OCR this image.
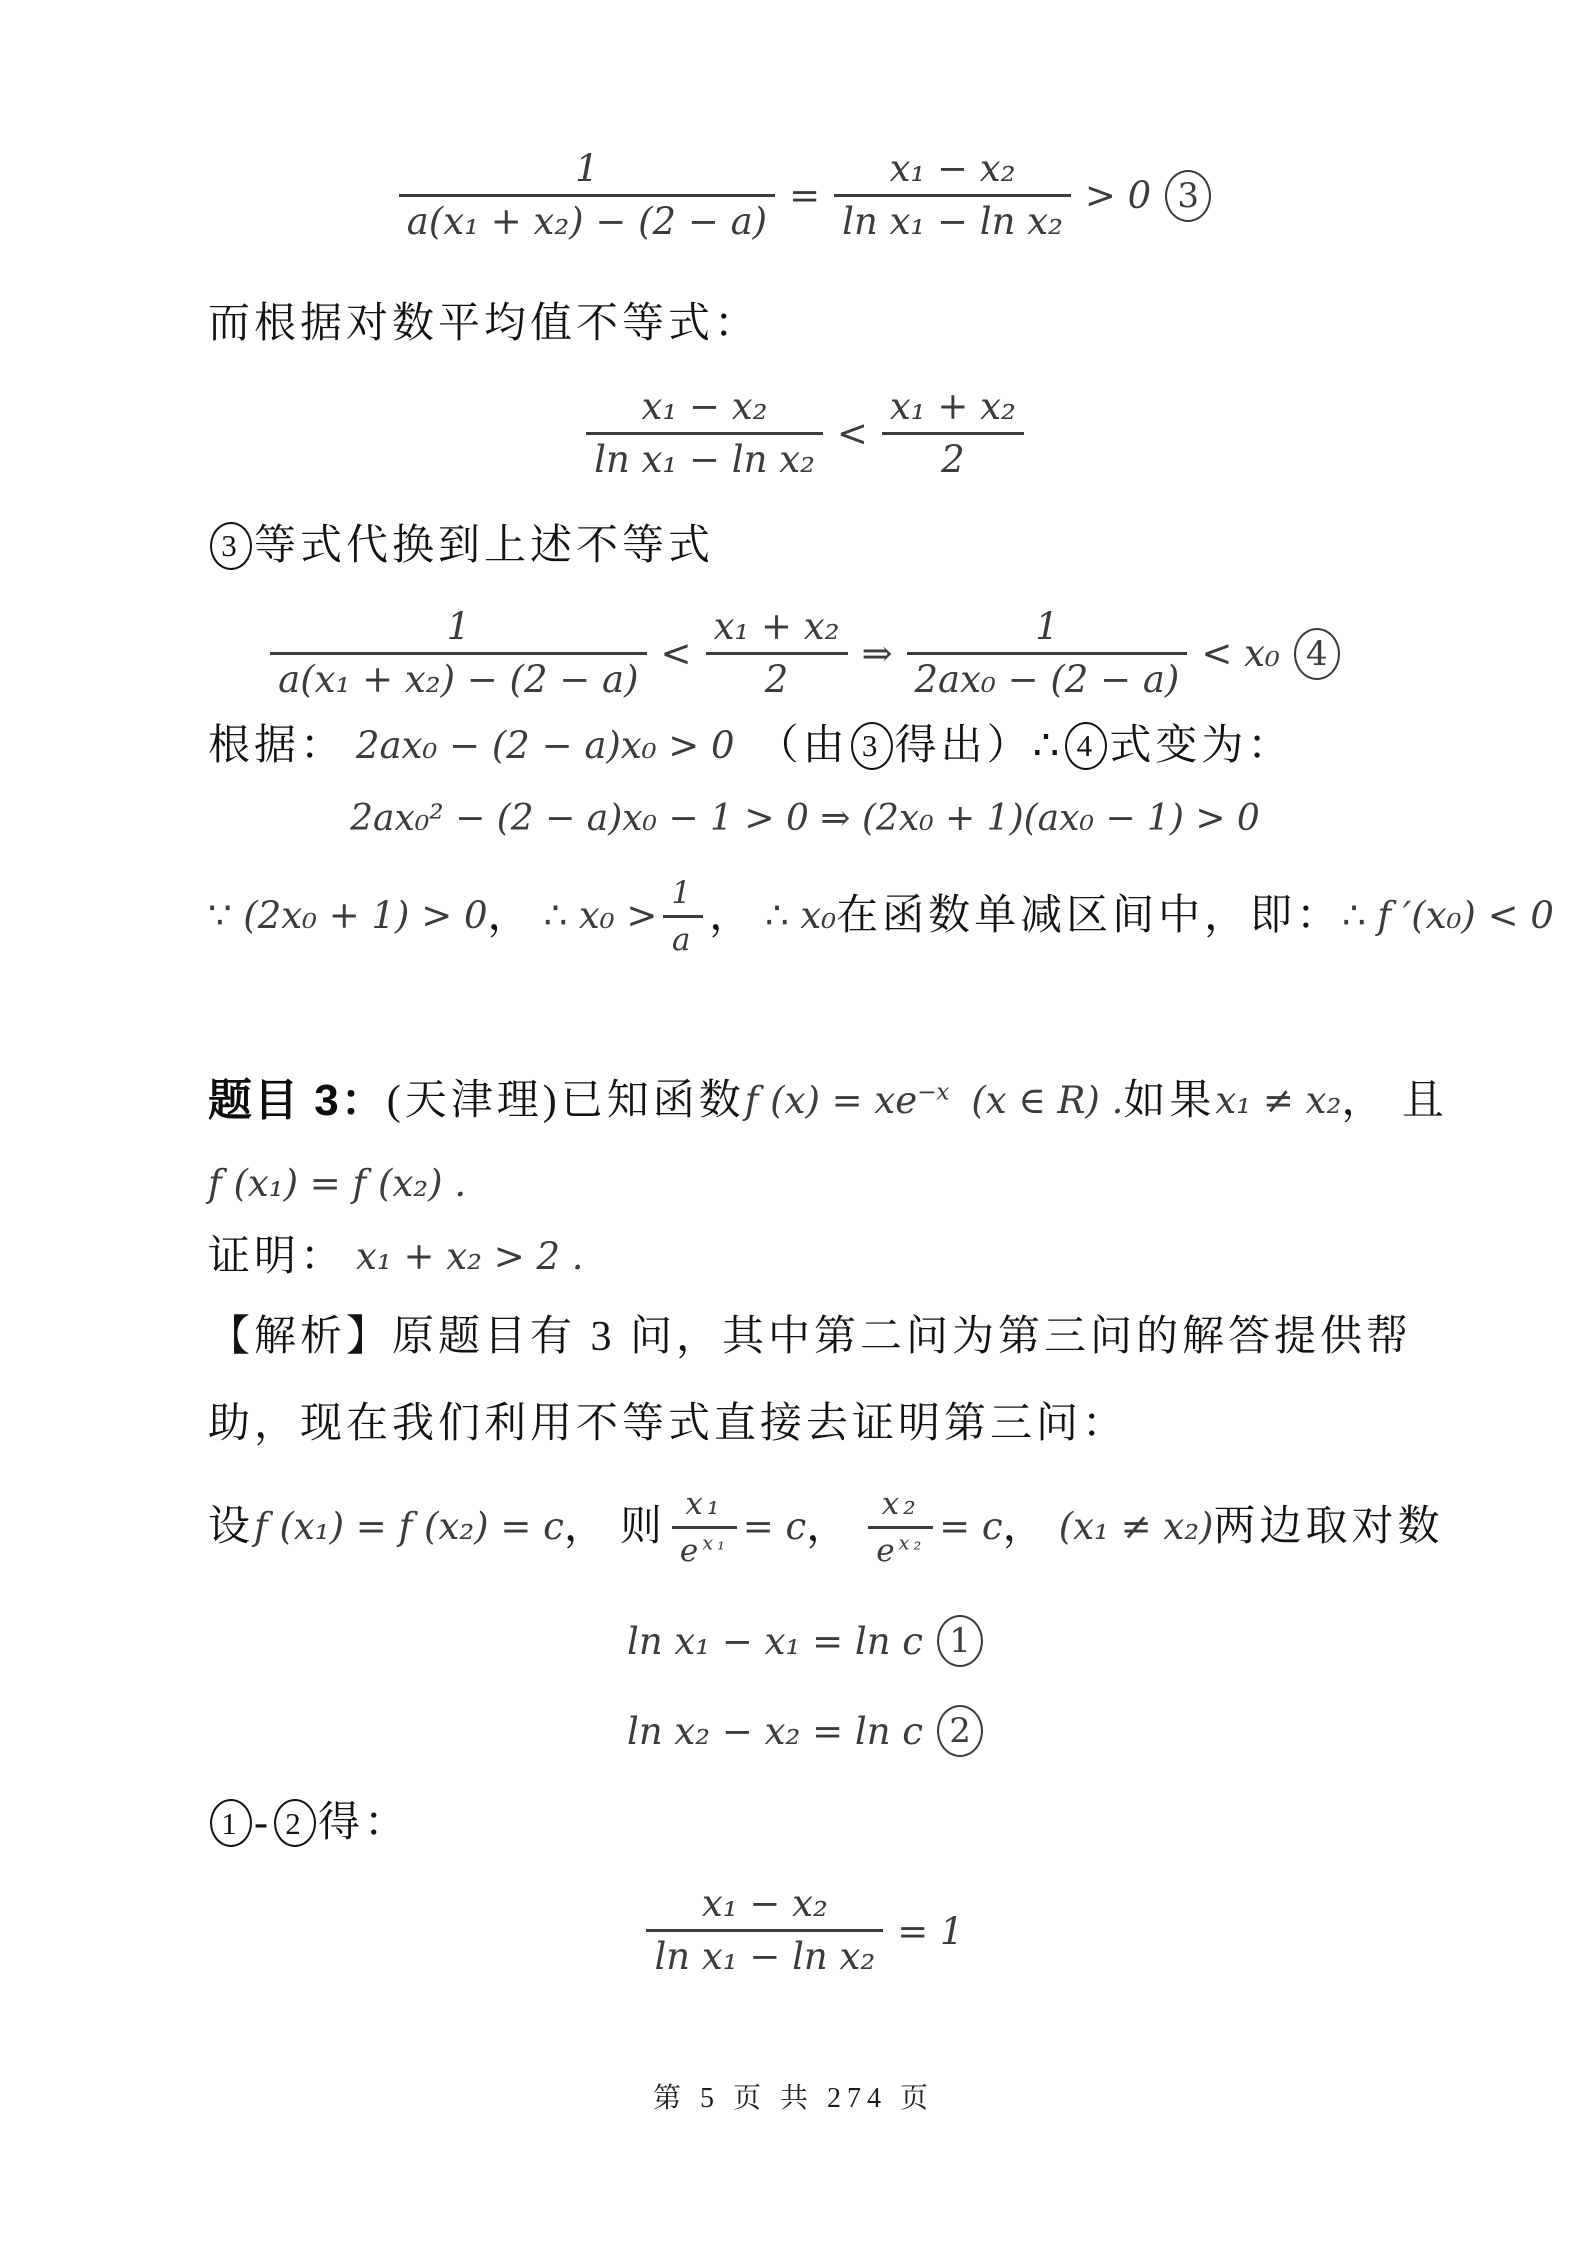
$\frac{1}{\text{a(x₁ + x₂) − (2 − a)}} = \frac{\text{x₁ − x₂}}{\text{ln x₁ − ln x₂}} > 0$ 3
而根据对数平均值不等式：
$\frac{\text{x₁ − x₂}}{\text{ln x₁ − ln x₂}} < \frac{\text{x₁ + x₂}}{2}$
3 等式代换到上述不等式
$\frac{1}{\text{a(x₁ + x₂) − (2 − a)}} < \frac{\text{x₁ + x₂}}{2}$ ⇒ $\frac{1}{\text{2ax₀ − (2 − a)}} < x_0$ 4
根据： 2ax₀ − (2 − a)x₀ > 0 （由 3 得出） ∴ 4 式变为：
2ax₀² − (2 − a)x₀ − 1 > 0 ⇒ (2x₀ + 1)(ax₀ − 1) > 0
∵ (2x₀ + 1) > 0 ， ∴ $x_0 > \frac{1}{a}$ ， ∴ x₀ 在函数单减区间中，即： ∴ f ′(x₀) < 0
题目 3： (天津理) 已知函数 f $(x) = xe^{-x}$ (x ∈ R) . 如果 x₁ ≠ x₂ ， 且
f (x₁) = f (x₂) .
证明： x₁ + x₂ > 2 .
【解析】原题目有 3 问，其中第二问为第三问的解答提供帮
助，现在我们利用不等式直接去证明第三问：
设 f (x₁) = f (x₂) = c ， 则 $\frac{\text{x₁}}{e^{x_1}} = c$ ， $\frac{\text{x₂}}{e^{x_2}} = c$ ， (x₁ ≠ x₂) 两边取对数
ln x₁ − x₁ = ln c 1
ln x₂ − x₂ = ln c 2
1 - 2 得：
$\frac{\text{x₁ − x₂}}{\text{ln x₁ − ln x₂}} = 1$
第 5 页 共 274 页
